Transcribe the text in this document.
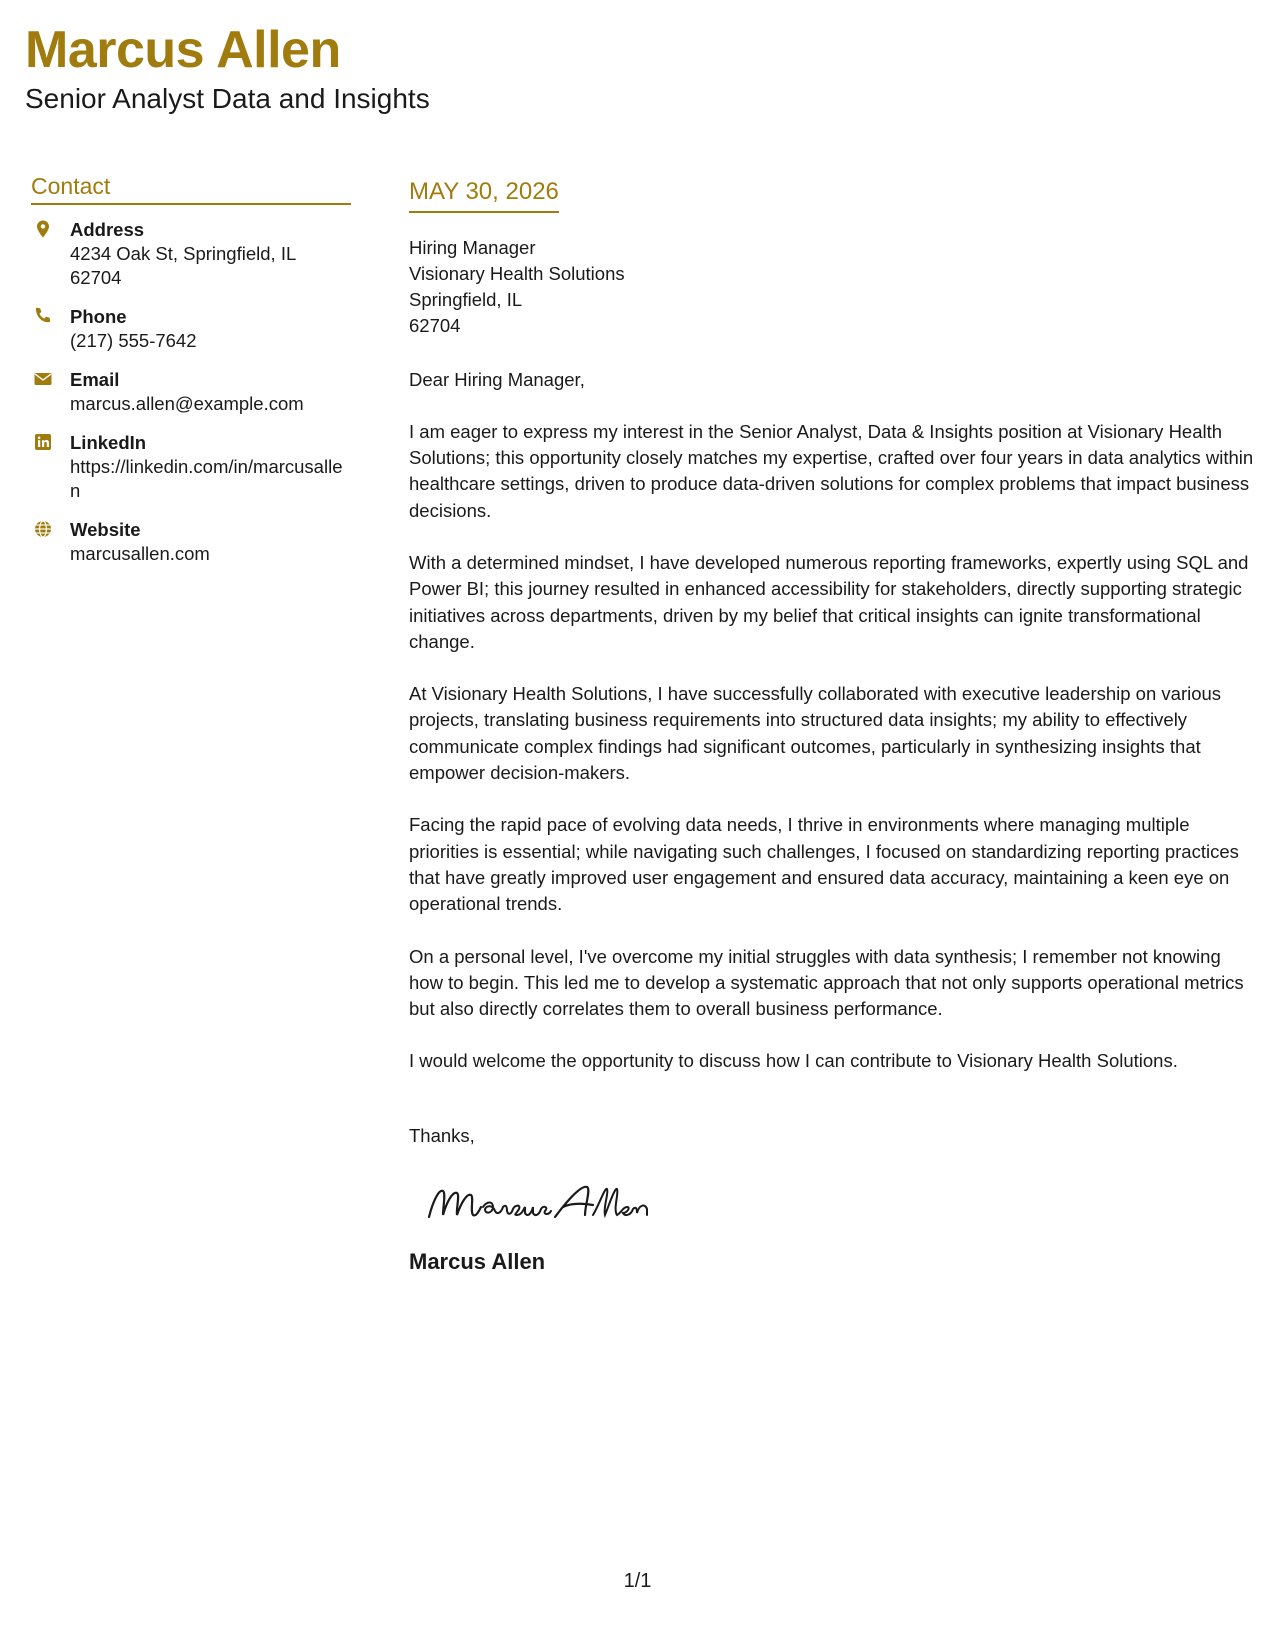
Marcus Allen
Senior Analyst Data and Insights
Contact
Address
4234 Oak St, Springfield, IL 62704
Phone
(217) 555-7642
Email
marcus.allen@example.com
LinkedIn
https://linkedin.com/in/marcusallen
Website
marcusallen.com
MAY 30, 2026
Hiring Manager
Visionary Health Solutions
Springfield, IL
62704
Dear Hiring Manager,
I am eager to express my interest in the Senior Analyst, Data & Insights position at Visionary Health Solutions; this opportunity closely matches my expertise, crafted over four years in data analytics within healthcare settings, driven to produce data-driven solutions for complex problems that impact business decisions.
With a determined mindset, I have developed numerous reporting frameworks, expertly using SQL and Power BI; this journey resulted in enhanced accessibility for stakeholders, directly supporting strategic initiatives across departments, driven by my belief that critical insights can ignite transformational change.
At Visionary Health Solutions, I have successfully collaborated with executive leadership on various projects, translating business requirements into structured data insights; my ability to effectively communicate complex findings had significant outcomes, particularly in synthesizing insights that empower decision-makers.
Facing the rapid pace of evolving data needs, I thrive in environments where managing multiple priorities is essential; while navigating such challenges, I focused on standardizing reporting practices that have greatly improved user engagement and ensured data accuracy, maintaining a keen eye on operational trends.
On a personal level, I've overcome my initial struggles with data synthesis; I remember not knowing how to begin. This led me to develop a systematic approach that not only supports operational metrics but also directly correlates them to overall business performance.
I would welcome the opportunity to discuss how I can contribute to Visionary Health Solutions.
Thanks,
Marcus Allen
1/1
